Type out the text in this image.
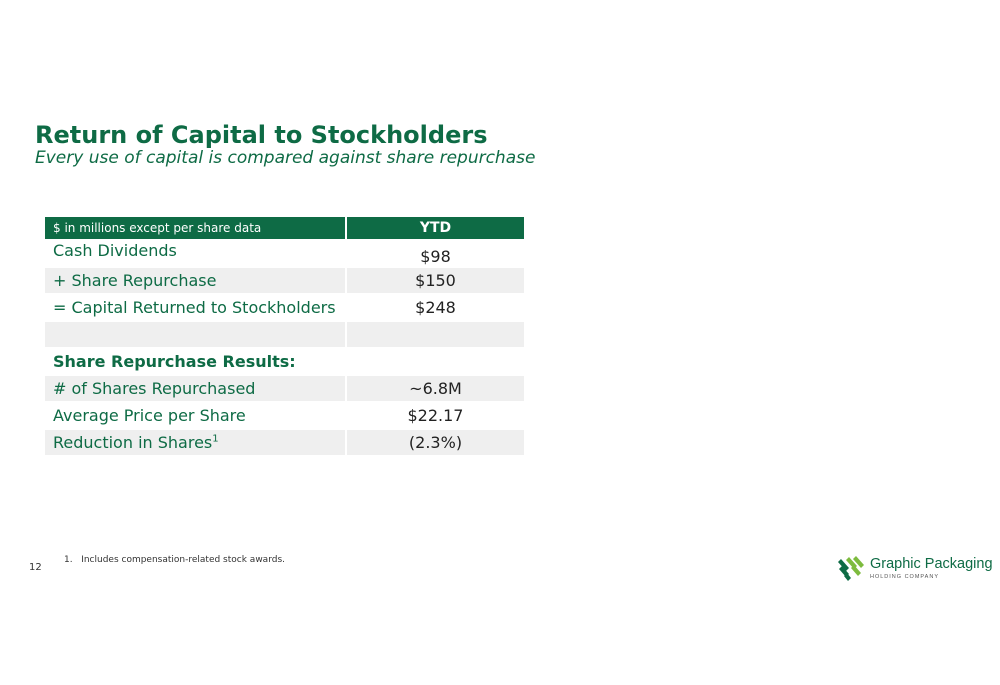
Return of Capital to Stockholders
Every use of capital is compared against share repurchase
$ in millions except per share data	YTD
Cash Dividends	$98
+ Share Repurchase	$150
= Capital Returned to Stockholders	$248

Share Repurchase Results:	
# of Shares Repurchased	~6.8M
Average Price per Share	$22.17
Reduction in Shares$^1$	(2.3%)
12
1. Includes compensation-related stock awards.	Graphic Packaging
HOLDING COMPANY
